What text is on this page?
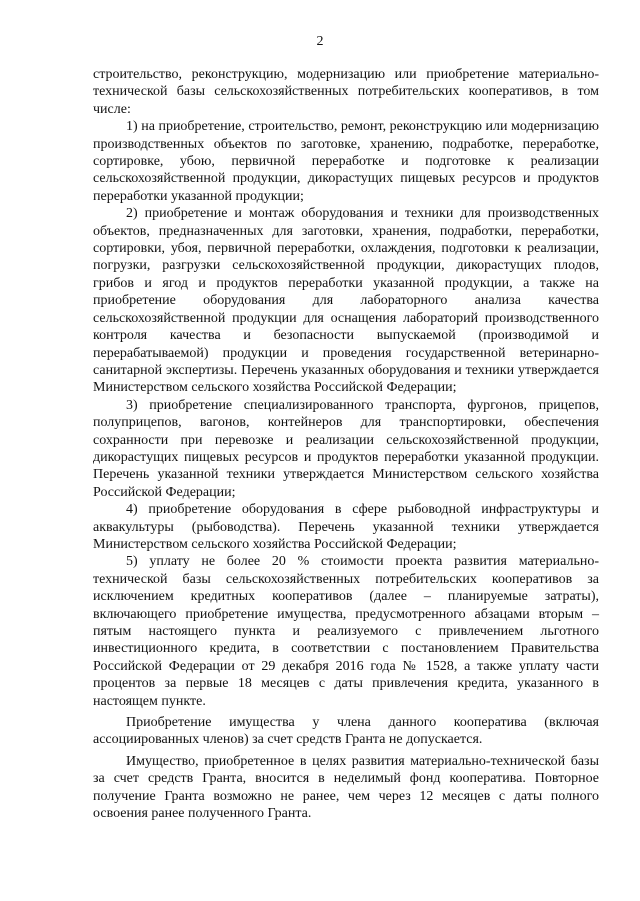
2

строительство, реконструкцию, модернизацию или приобретение материально-технической базы сельскохозяйственных потребительских кооперативов, в том числе:

1) на приобретение, строительство, ремонт, реконструкцию или модернизацию производственных объектов по заготовке, хранению, подработке, переработке, сортировке, убою, первичной переработке и подготовке к реализации сельскохозяйственной продукции, дикорастущих пищевых ресурсов и продуктов переработки указанной продукции;

2) приобретение и монтаж оборудования и техники для производственных объектов, предназначенных для заготовки, хранения, подработки, переработки, сортировки, убоя, первичной переработки, охлаждения, подготовки к реализации, погрузки, разгрузки сельскохозяйственной продукции, дикорастущих плодов, грибов и ягод и продуктов переработки указанной продукции, а также на приобретение оборудования для лабораторного анализа качества сельскохозяйственной продукции для оснащения лабораторий производственного контроля качества и безопасности выпускаемой (производимой и перерабатываемой) продукции и проведения государственной ветеринарно-санитарной экспертизы. Перечень указанных оборудования и техники утверждается Министерством сельского хозяйства Российской Федерации;

3) приобретение специализированного транспорта, фургонов, прицепов, полуприцепов, вагонов, контейнеров для транспортировки, обеспечения сохранности при перевозке и реализации сельскохозяйственной продукции, дикорастущих пищевых ресурсов и продуктов переработки указанной продукции. Перечень указанной техники утверждается Министерством сельского хозяйства Российской Федерации;

4) приобретение оборудования в сфере рыбоводной инфраструктуры и аквакультуры (рыбоводства). Перечень указанной техники утверждается Министерством сельского хозяйства Российской Федерации;

5) уплату не более 20 % стоимости проекта развития материально-технической базы сельскохозяйственных потребительских кооперативов за исключением кредитных кооперативов (далее – планируемые затраты), включающего приобретение имущества, предусмотренного абзацами вторым – пятым настоящего пункта и реализуемого с привлечением льготного инвестиционного кредита, в соответствии с постановлением Правительства Российской Федерации от 29 декабря 2016 года № 1528, а также уплату части процентов за первые 18 месяцев с даты привлечения кредита, указанного в настоящем пункте.

Приобретение имущества у члена данного кооператива (включая ассоциированных членов) за счет средств Гранта не допускается.

Имущество, приобретенное в целях развития материально-технической базы за счет средств Гранта, вносится в неделимый фонд кооператива. Повторное получение Гранта возможно не ранее, чем через 12 месяцев с даты полного освоения ранее полученного Гранта.
